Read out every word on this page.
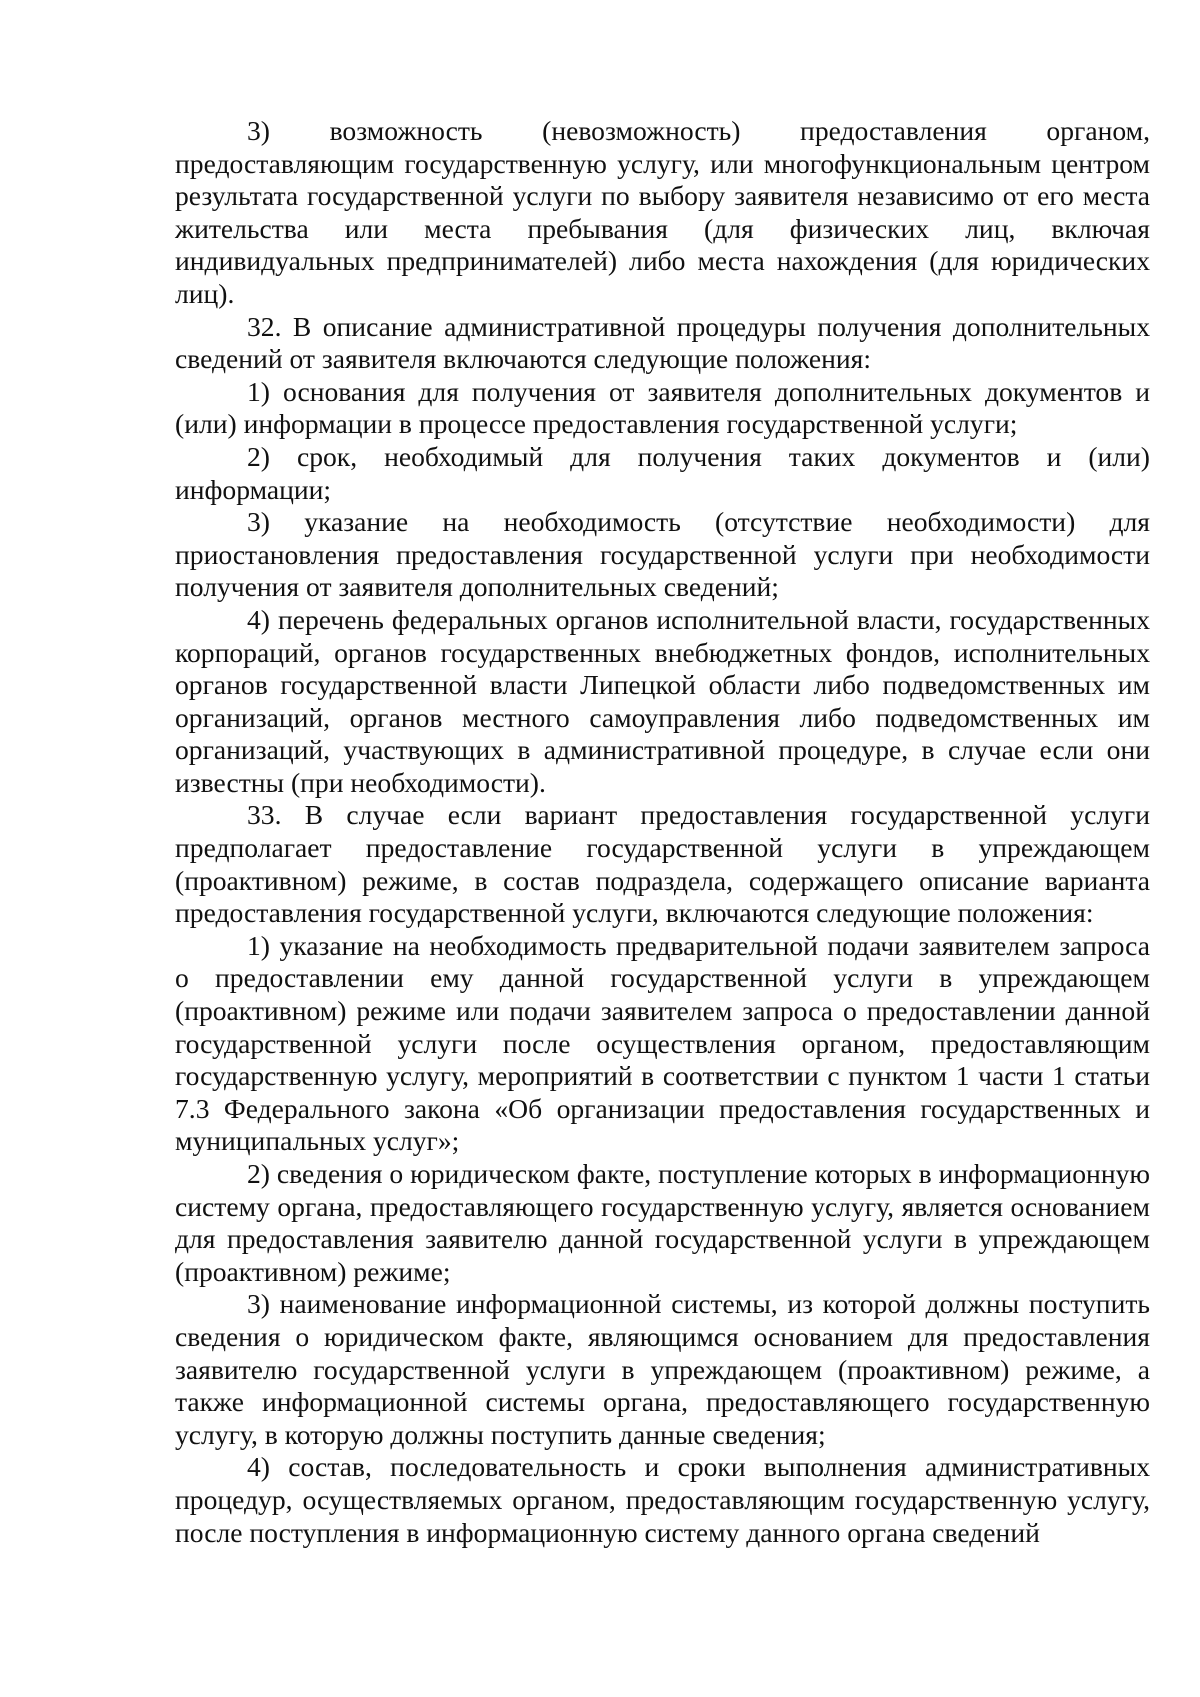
3) возможность (невозможность) предоставления органом, предоставляющим государственную услугу, или многофункциональным центром результата государственной услуги по выбору заявителя независимо от его места жительства или места пребывания (для физических лиц, включая индивидуальных предпринимателей) либо места нахождения (для юридических лиц).

32. В описание административной процедуры получения дополнительных сведений от заявителя включаются следующие положения:

1) основания для получения от заявителя дополнительных документов и (или) информации в процессе предоставления государственной услуги;

2) срок, необходимый для получения таких документов и (или) информации;

3) указание на необходимость (отсутствие необходимости) для приостановления предоставления государственной услуги при необходимости получения от заявителя дополнительных сведений;

4) перечень федеральных органов исполнительной власти, государственных корпораций, органов государственных внебюджетных фондов, исполнительных органов государственной власти Липецкой области либо подведомственных им организаций, органов местного самоуправления либо подведомственных им организаций, участвующих в административной процедуре, в случае если они известны (при необходимости).

33. В случае если вариант предоставления государственной услуги предполагает предоставление государственной услуги в упреждающем (проактивном) режиме, в состав подраздела, содержащего описание варианта предоставления государственной услуги, включаются следующие положения:

1) указание на необходимость предварительной подачи заявителем запроса о предоставлении ему данной государственной услуги в упреждающем (проактивном) режиме или подачи заявителем запроса о предоставлении данной государственной услуги после осуществления органом, предоставляющим государственную услугу, мероприятий в соответствии с пунктом 1 части 1 статьи 7.3 Федерального закона «Об организации предоставления государственных и муниципальных услуг»;

2) сведения о юридическом факте, поступление которых в информационную систему органа, предоставляющего государственную услугу, является основанием для предоставления заявителю данной государственной услуги в упреждающем (проактивном) режиме;

3) наименование информационной системы, из которой должны поступить сведения о юридическом факте, являющимся основанием для предоставления заявителю государственной услуги в упреждающем (проактивном) режиме, а также информационной системы органа, предоставляющего государственную услугу, в которую должны поступить данные сведения;

4) состав, последовательность и сроки выполнения административных процедур, осуществляемых органом, предоставляющим государственную услугу, после поступления в информационную систему данного органа сведений
